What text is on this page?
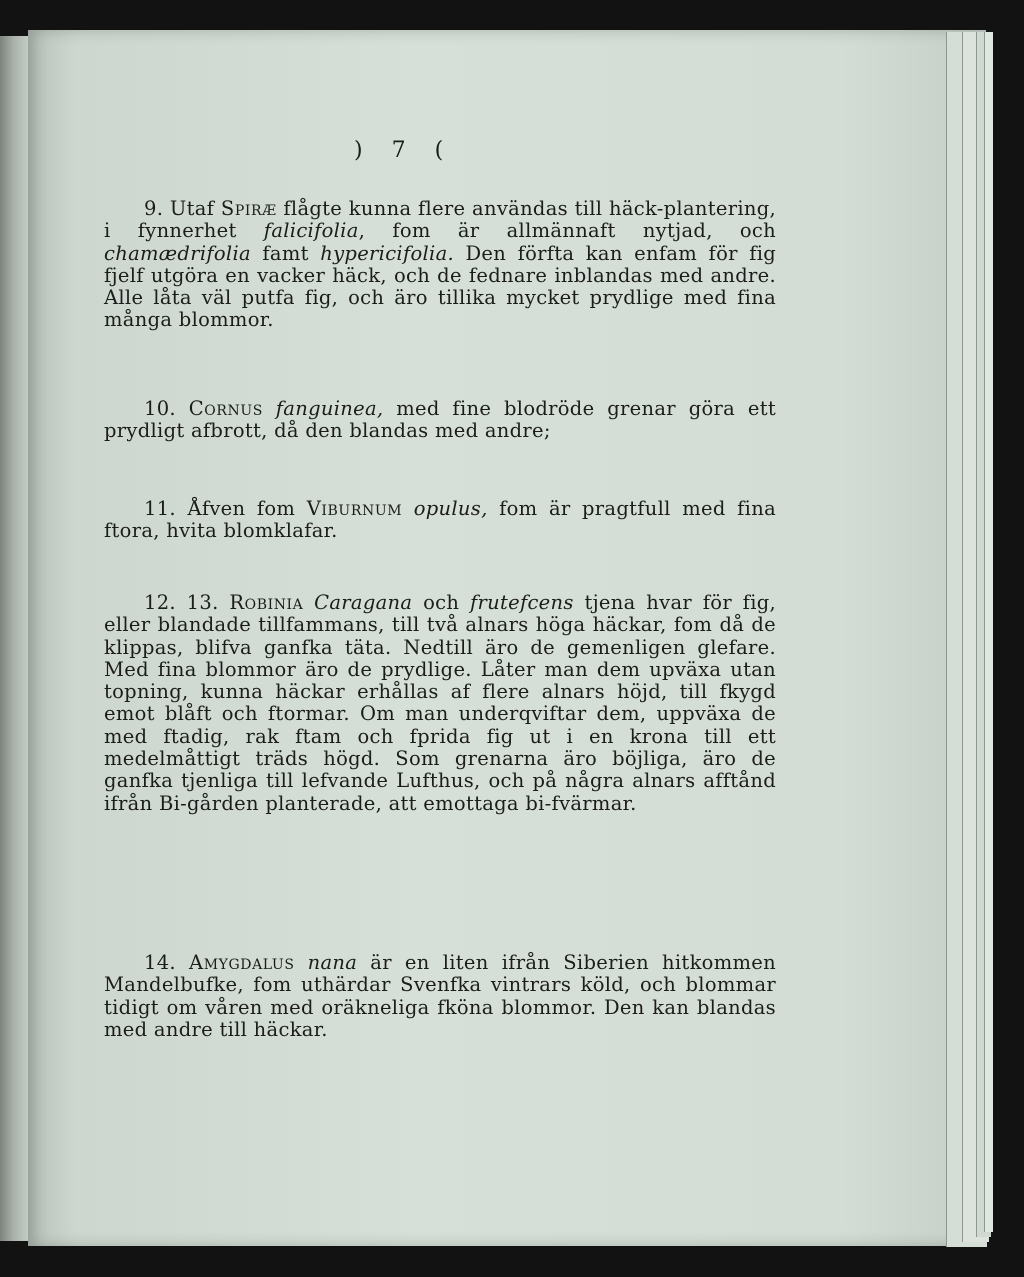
) 7 (

9. Utaf Spiræ flågte kunna flere användas till häck-plantering, i fynnerhet falicifolia, fom är allmännaft nytjad, och chamædrifolia famt hypericifolia. Den förfta kan enfam för fig fjelf utgöra en vacker häck, och de fednare inblandas med andre. Alle låta väl putfa fig, och äro tillika mycket prydlige med fina många blommor.

10. Cornus fanguinea, med fine blodröde grenar göra ett prydligt afbrott, då den blandas med andre;

11. Åfven fom Viburnum opulus, fom är pragtfull med fina ftora, hvita blomklafar.

12. 13. Robinia Caragana och frutefcens tjena hvar för fig, eller blandade tillfammans, till två alnars höga häckar, fom då de klippas, blifva ganfka täta. Nedtill äro de gemenligen glefare. Med fina blommor äro de prydlige. Låter man dem upväxa utan topning, kunna häckar erhållas af flere alnars höjd, till fkygd emot blåft och ftormar. Om man underqviftar dem, uppväxa de med ftadig, rak ftam och fprida fig ut i en krona till ett medelmåttigt träds högd. Som grenarna äro böjliga, äro de ganfka tjenliga till lefvande Lufthus, och på några alnars afftånd ifrån Bi-gården planterade, att emottaga bi-fvärmar.

14. Amygdalus nana är en liten ifrån Siberien hitkommen Mandelbufke, fom uthärdar Svenfka vintrars köld, och blommar tidigt om våren med oräkneliga fköna blommor. Den kan blandas med andre till häckar.
